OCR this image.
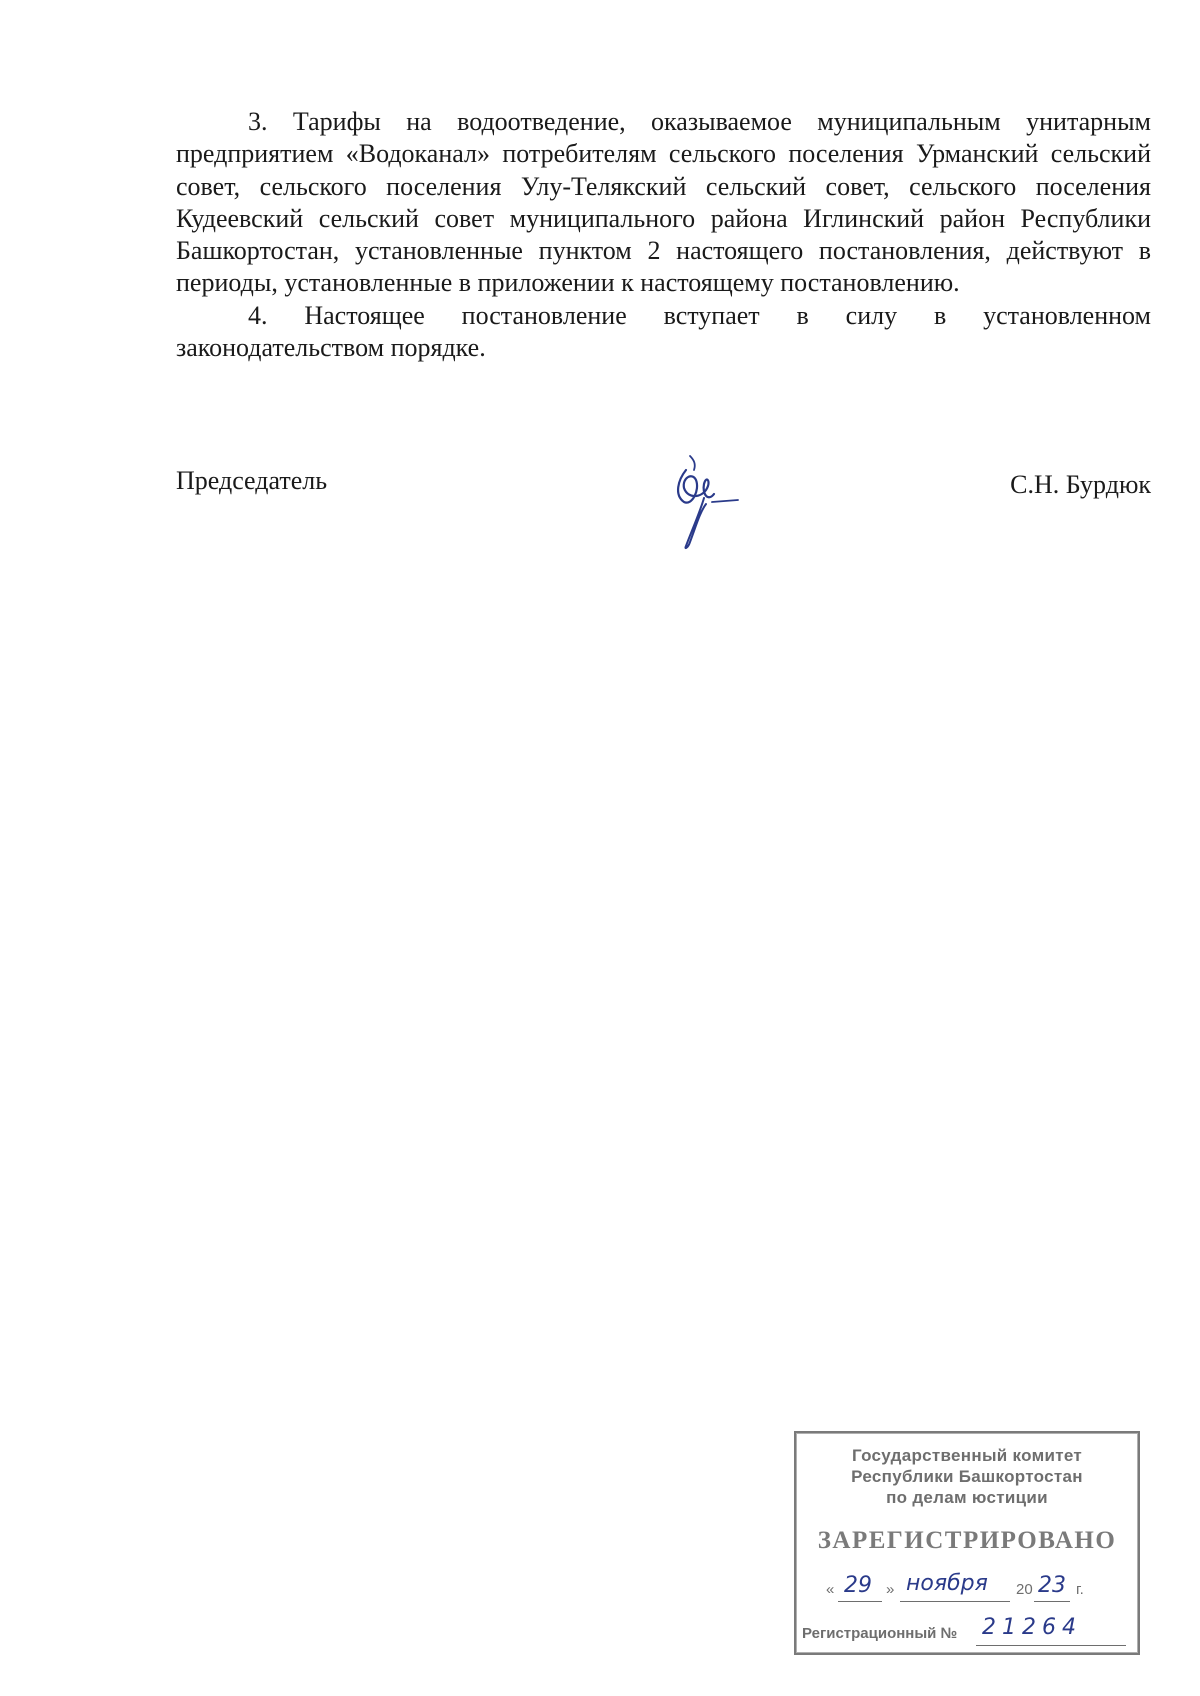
3. Тарифы на водоотведение, оказываемое муниципальным унитарным предприятием «Водоканал» потребителям сельского поселения Урманский сельский совет, сельского поселения Улу-Телякский сельский совет, сельского поселения Кудеевский сельский совет муниципального района Иглинский район Республики Башкортостан, установленные пунктом 2 настоящего постановления, действуют в периоды, установленные в приложении к настоящему постановлению.

4. Настоящее постановление вступает в силу в установленном законодательством порядке.

Председатель	С.Н. Бурдюк
Государственный комитет
Республики Башкортостан
по делам юстиции
ЗАРЕГИСТРИРОВАНО
« 29 » ноября 20 23 г.
Регистрационный № 21264
